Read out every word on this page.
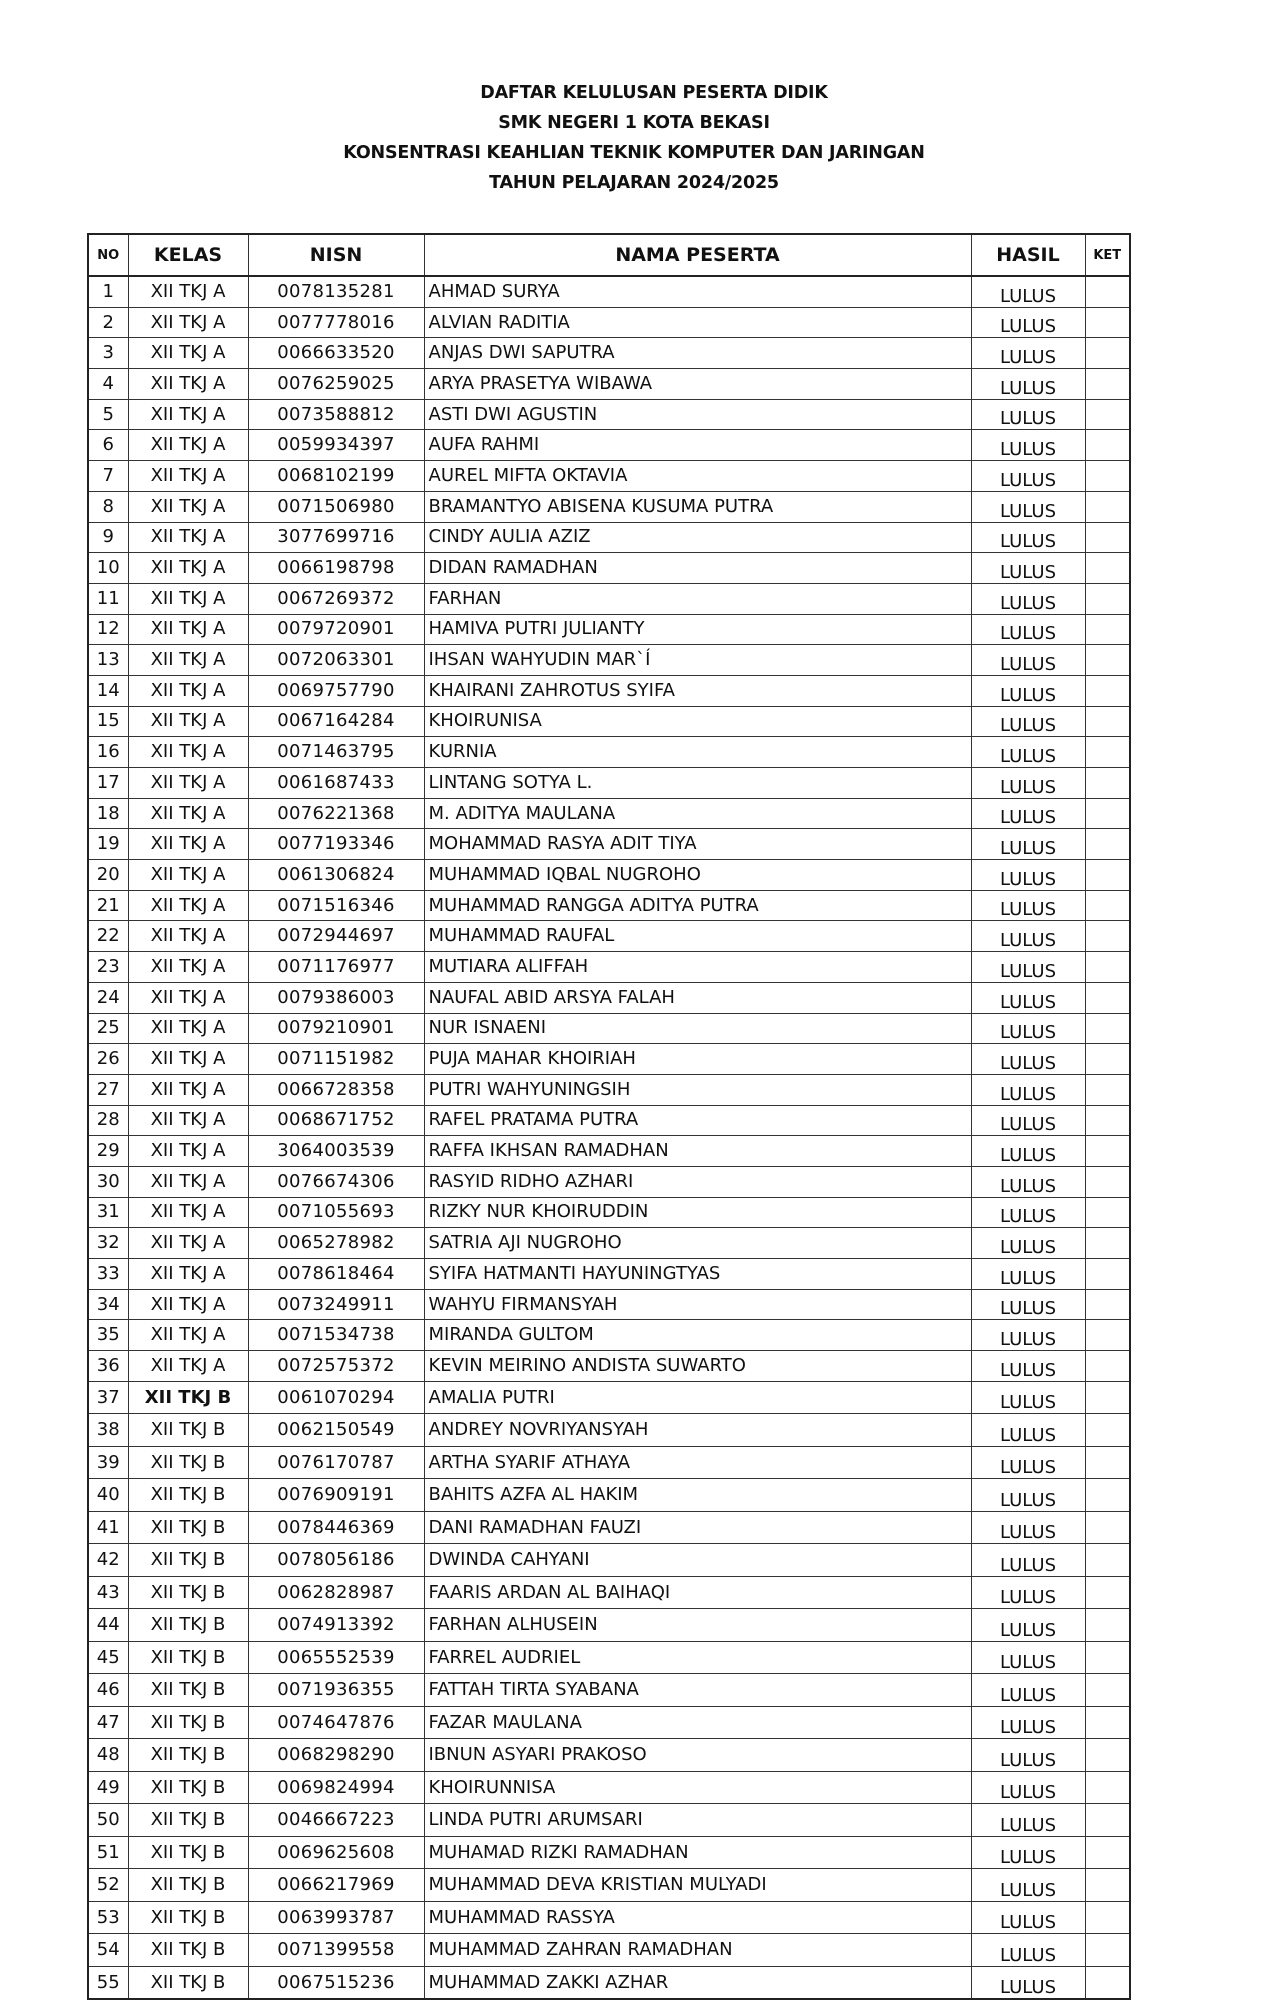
DAFTAR KELULUSAN PESERTA DIDIK
SMK NEGERI 1 KOTA BEKASI
KONSENTRASI KEAHLIAN TEKNIK KOMPUTER DAN JARINGAN
TAHUN PELAJARAN 2024/2025
NO	KELAS	NISN	NAMA PESERTA	HASIL	KET
1	XII TKJ A	0078135281	AHMAD SURYA	LULUS	
2	XII TKJ A	0077778016	ALVIAN RADITIA	LULUS	
3	XII TKJ A	0066633520	ANJAS DWI SAPUTRA	LULUS	
4	XII TKJ A	0076259025	ARYA PRASETYA WIBAWA	LULUS	
5	XII TKJ A	0073588812	ASTI DWI AGUSTIN	LULUS	
6	XII TKJ A	0059934397	AUFA RAHMI	LULUS	
7	XII TKJ A	0068102199	AUREL MIFTA OKTAVIA	LULUS	
8	XII TKJ A	0071506980	BRAMANTYO ABISENA KUSUMA PUTRA	LULUS	
9	XII TKJ A	3077699716	CINDY AULIA AZIZ	LULUS	
10	XII TKJ A	0066198798	DIDAN RAMADHAN	LULUS	
11	XII TKJ A	0067269372	FARHAN	LULUS	
12	XII TKJ A	0079720901	HAMIVA PUTRI JULIANTY	LULUS	
13	XII TKJ A	0072063301	IHSAN WAHYUDIN MAR`Í	LULUS	
14	XII TKJ A	0069757790	KHAIRANI ZAHROTUS SYIFA	LULUS	
15	XII TKJ A	0067164284	KHOIRUNISA	LULUS	
16	XII TKJ A	0071463795	KURNIA	LULUS	
17	XII TKJ A	0061687433	LINTANG SOTYA L.	LULUS	
18	XII TKJ A	0076221368	M. ADITYA MAULANA	LULUS	
19	XII TKJ A	0077193346	MOHAMMAD RASYA ADIT TIYA	LULUS	
20	XII TKJ A	0061306824	MUHAMMAD IQBAL NUGROHO	LULUS	
21	XII TKJ A	0071516346	MUHAMMAD RANGGA ADITYA PUTRA	LULUS	
22	XII TKJ A	0072944697	MUHAMMAD RAUFAL	LULUS	
23	XII TKJ A	0071176977	MUTIARA ALIFFAH	LULUS	
24	XII TKJ A	0079386003	NAUFAL ABID ARSYA FALAH	LULUS	
25	XII TKJ A	0079210901	NUR ISNAENI	LULUS	
26	XII TKJ A	0071151982	PUJA MAHAR KHOIRIAH	LULUS	
27	XII TKJ A	0066728358	PUTRI WAHYUNINGSIH	LULUS	
28	XII TKJ A	0068671752	RAFEL PRATAMA PUTRA	LULUS	
29	XII TKJ A	3064003539	RAFFA IKHSAN RAMADHAN	LULUS	
30	XII TKJ A	0076674306	RASYID RIDHO AZHARI	LULUS	
31	XII TKJ A	0071055693	RIZKY NUR KHOIRUDDIN	LULUS	
32	XII TKJ A	0065278982	SATRIA AJI NUGROHO	LULUS	
33	XII TKJ A	0078618464	SYIFA HATMANTI HAYUNINGTYAS	LULUS	
34	XII TKJ A	0073249911	WAHYU FIRMANSYAH	LULUS	
35	XII TKJ A	0071534738	MIRANDA GULTOM	LULUS	
36	XII TKJ A	0072575372	KEVIN MEIRINO ANDISTA SUWARTO	LULUS	
37	XII TKJ B	0061070294	AMALIA PUTRI	LULUS	
38	XII TKJ B	0062150549	ANDREY NOVRIYANSYAH	LULUS	
39	XII TKJ B	0076170787	ARTHA SYARIF ATHAYA	LULUS	
40	XII TKJ B	0076909191	BAHITS AZFA AL HAKIM	LULUS	
41	XII TKJ B	0078446369	DANI RAMADHAN FAUZI	LULUS	
42	XII TKJ B	0078056186	DWINDA CAHYANI	LULUS	
43	XII TKJ B	0062828987	FAARIS ARDAN AL BAIHAQI	LULUS	
44	XII TKJ B	0074913392	FARHAN ALHUSEIN	LULUS	
45	XII TKJ B	0065552539	FARREL AUDRIEL	LULUS	
46	XII TKJ B	0071936355	FATTAH TIRTA SYABANA	LULUS	
47	XII TKJ B	0074647876	FAZAR MAULANA	LULUS	
48	XII TKJ B	0068298290	IBNUN ASYARI PRAKOSO	LULUS	
49	XII TKJ B	0069824994	KHOIRUNNISA	LULUS	
50	XII TKJ B	0046667223	LINDA PUTRI ARUMSARI	LULUS	
51	XII TKJ B	0069625608	MUHAMAD RIZKI RAMADHAN	LULUS	
52	XII TKJ B	0066217969	MUHAMMAD DEVA KRISTIAN MULYADI	LULUS	
53	XII TKJ B	0063993787	MUHAMMAD RASSYA	LULUS	
54	XII TKJ B	0071399558	MUHAMMAD ZAHRAN RAMADHAN	LULUS	
55	XII TKJ B	0067515236	MUHAMMAD ZAKKI AZHAR	LULUS	
